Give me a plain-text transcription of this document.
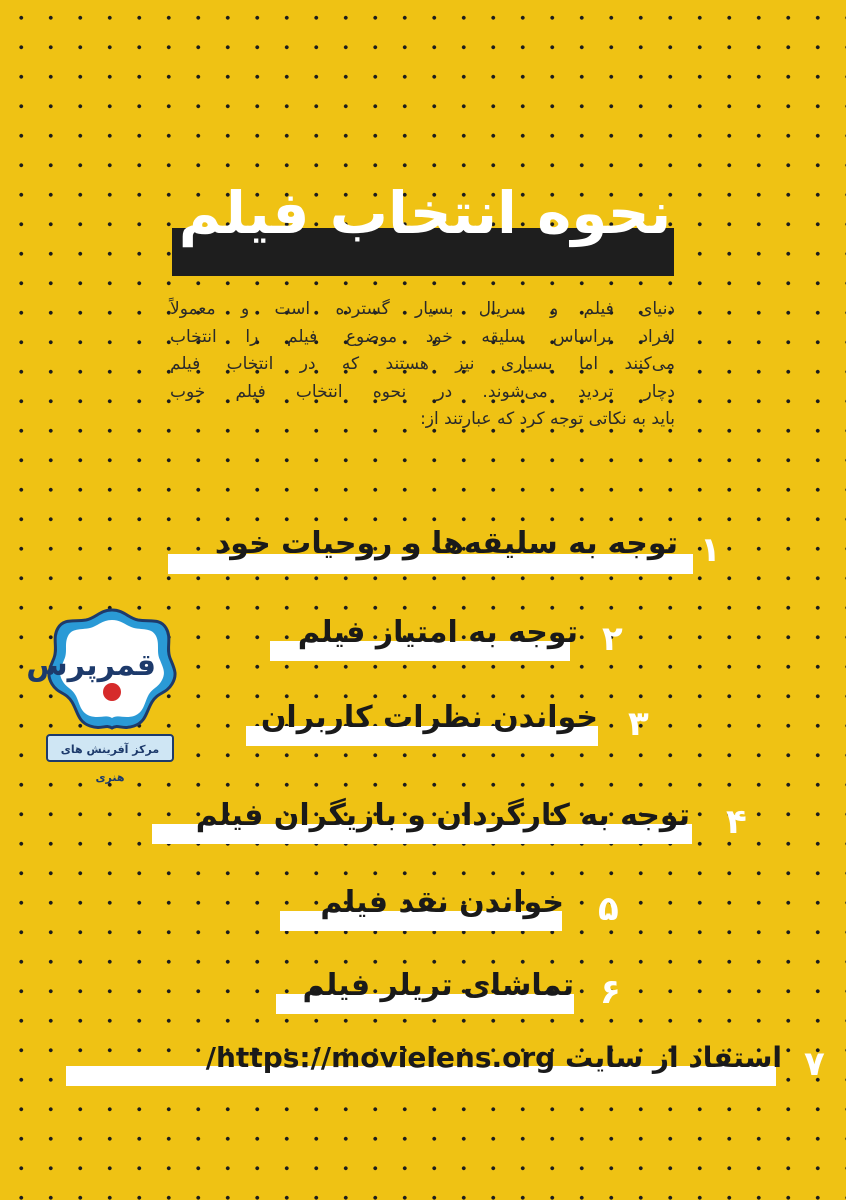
نحوه انتخاب فیلم

دنیای فیلم و سریال بسیار گسترده است و معمولاً

افراد براساس سلیقه خود موضوع فیلم را انتخاب

می‌کنند اما بسیاری نیز هستند که در انتخاب فیلم

دچار تردید می‌شوند. در نحوه انتخاب فیلم خوب

باید به نکاتی توجه کرد که عبارتند از:

توجه به سلیقه‌ها و روحیات خود ۱
توجه به امتیاز فیلم ۲
خواندن نظرات کاربران ۳
توجه به کارگردان و بازیگران فیلم ۴
خواندن نقد فیلم ۵
تماشای تریلر فیلم ۶
استفاد از سایت https://movielens.org/ ۷
قمرپرس
مرکز آفرینش های هنری
